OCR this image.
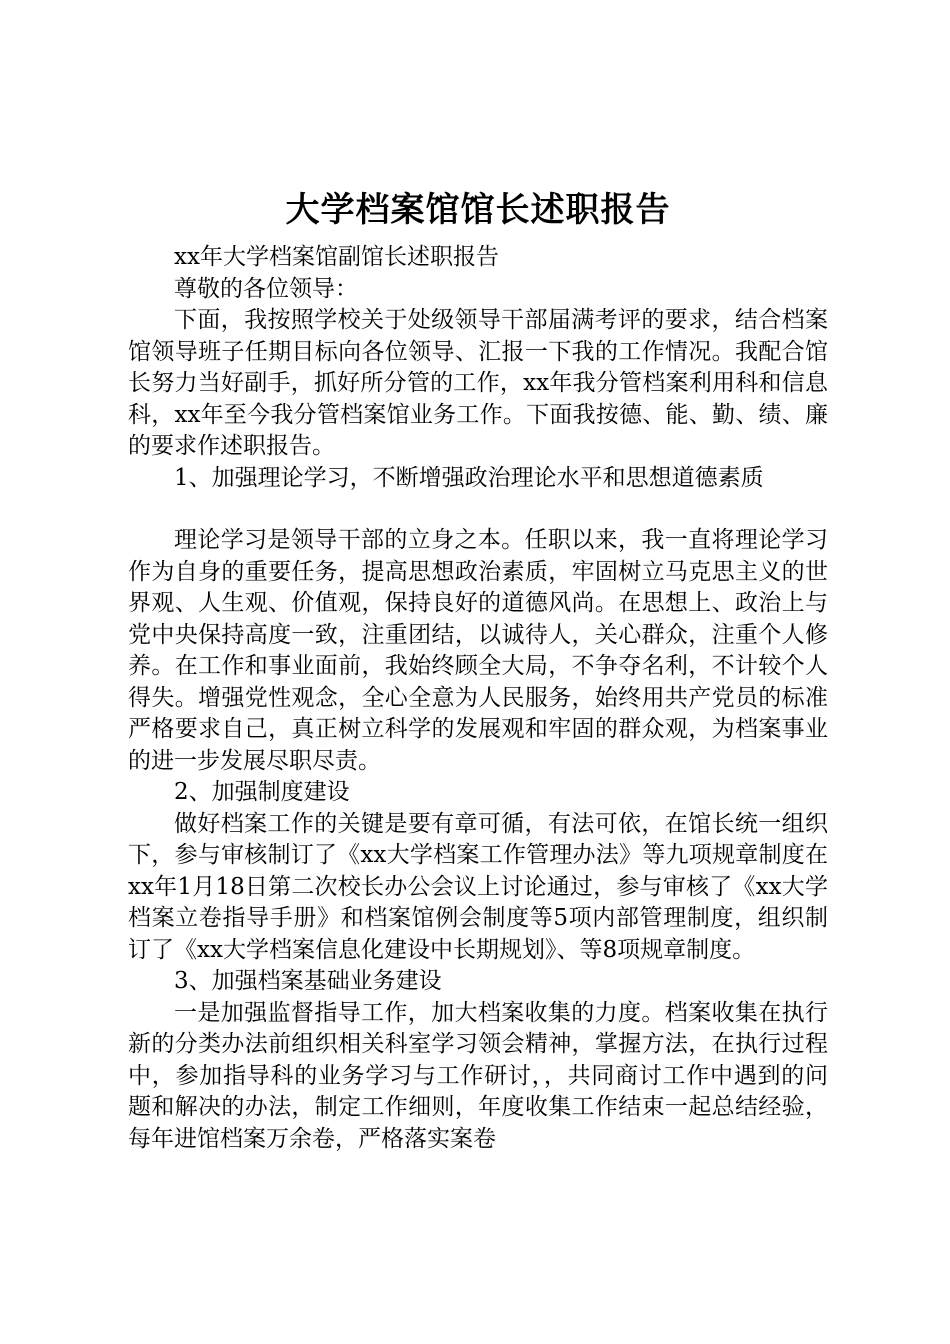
大学档案馆馆长述职报告

xx年大学档案馆副馆长述职报告

尊敬的各位领导：

下面，我按照学校关于处级领导干部届满考评的要求，结合档案馆领导班子任期目标向各位领导、汇报一下我的工作情况。我配合馆长努力当好副手，抓好所分管的工作，xx年我分管档案利用科和信息科，xx年至今我分管档案馆业务工作。下面我按德、能、勤、绩、廉的要求作述职报告。

1、加强理论学习，不断增强政治理论水平和思想道德素质

理论学习是领导干部的立身之本。任职以来，我一直将理论学习作为自身的重要任务，提高思想政治素质，牢固树立马克思主义的世界观、人生观、价值观，保持良好的道德风尚。在思想上、政治上与党中央保持高度一致，注重团结，以诚待人，关心群众，注重个人修养。在工作和事业面前，我始终顾全大局，不争夺名利，不计较个人得失。增强党性观念，全心全意为人民服务，始终用共产党员的标准严格要求自己，真正树立科学的发展观和牢固的群众观，为档案事业的进一步发展尽职尽责。

2、加强制度建设

做好档案工作的关键是要有章可循，有法可依，在馆长统一组织下，参与审核制订了《xx大学档案工作管理办法》等九项规章制度在xx年1月18日第二次校长办公会议上讨论通过，参与审核了《xx大学档案立卷指导手册》和档案馆例会制度等5项内部管理制度，组织制订了《xx大学档案信息化建设中长期规划》、等8项规章制度。

3、加强档案基础业务建设

一是加强监督指导工作，加大档案收集的力度。档案收集在执行新的分类办法前组织相关科室学习领会精神，掌握方法，在执行过程中，参加指导科的业务学习与工作研讨，，共同商讨工作中遇到的问题和解决的办法，制定工作细则，年度收集工作结束一起总结经验，每年进馆档案万余卷，严格落实案卷
